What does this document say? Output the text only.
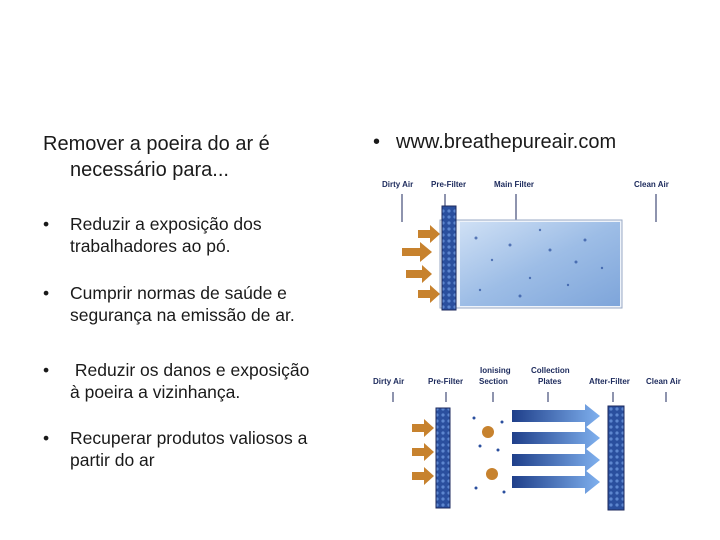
Remover a poeira do ar é
necessário para...
• Reduzir a exposição dos
trabalhadores ao pó.
• Cumprir normas de saúde e
segurança na emissão de ar.
• Reduzir os danos e exposição
à poeira a vizinhança.
• Recuperar produtos valiosos a
partir do ar
• www.breathepureair.com
Dirty Air Pre-Filter	Main Filter	Clean Air
Dirty Air	Pre-Filter
Ionising
Section
Collection
Plates	After-Filter Clean Air
